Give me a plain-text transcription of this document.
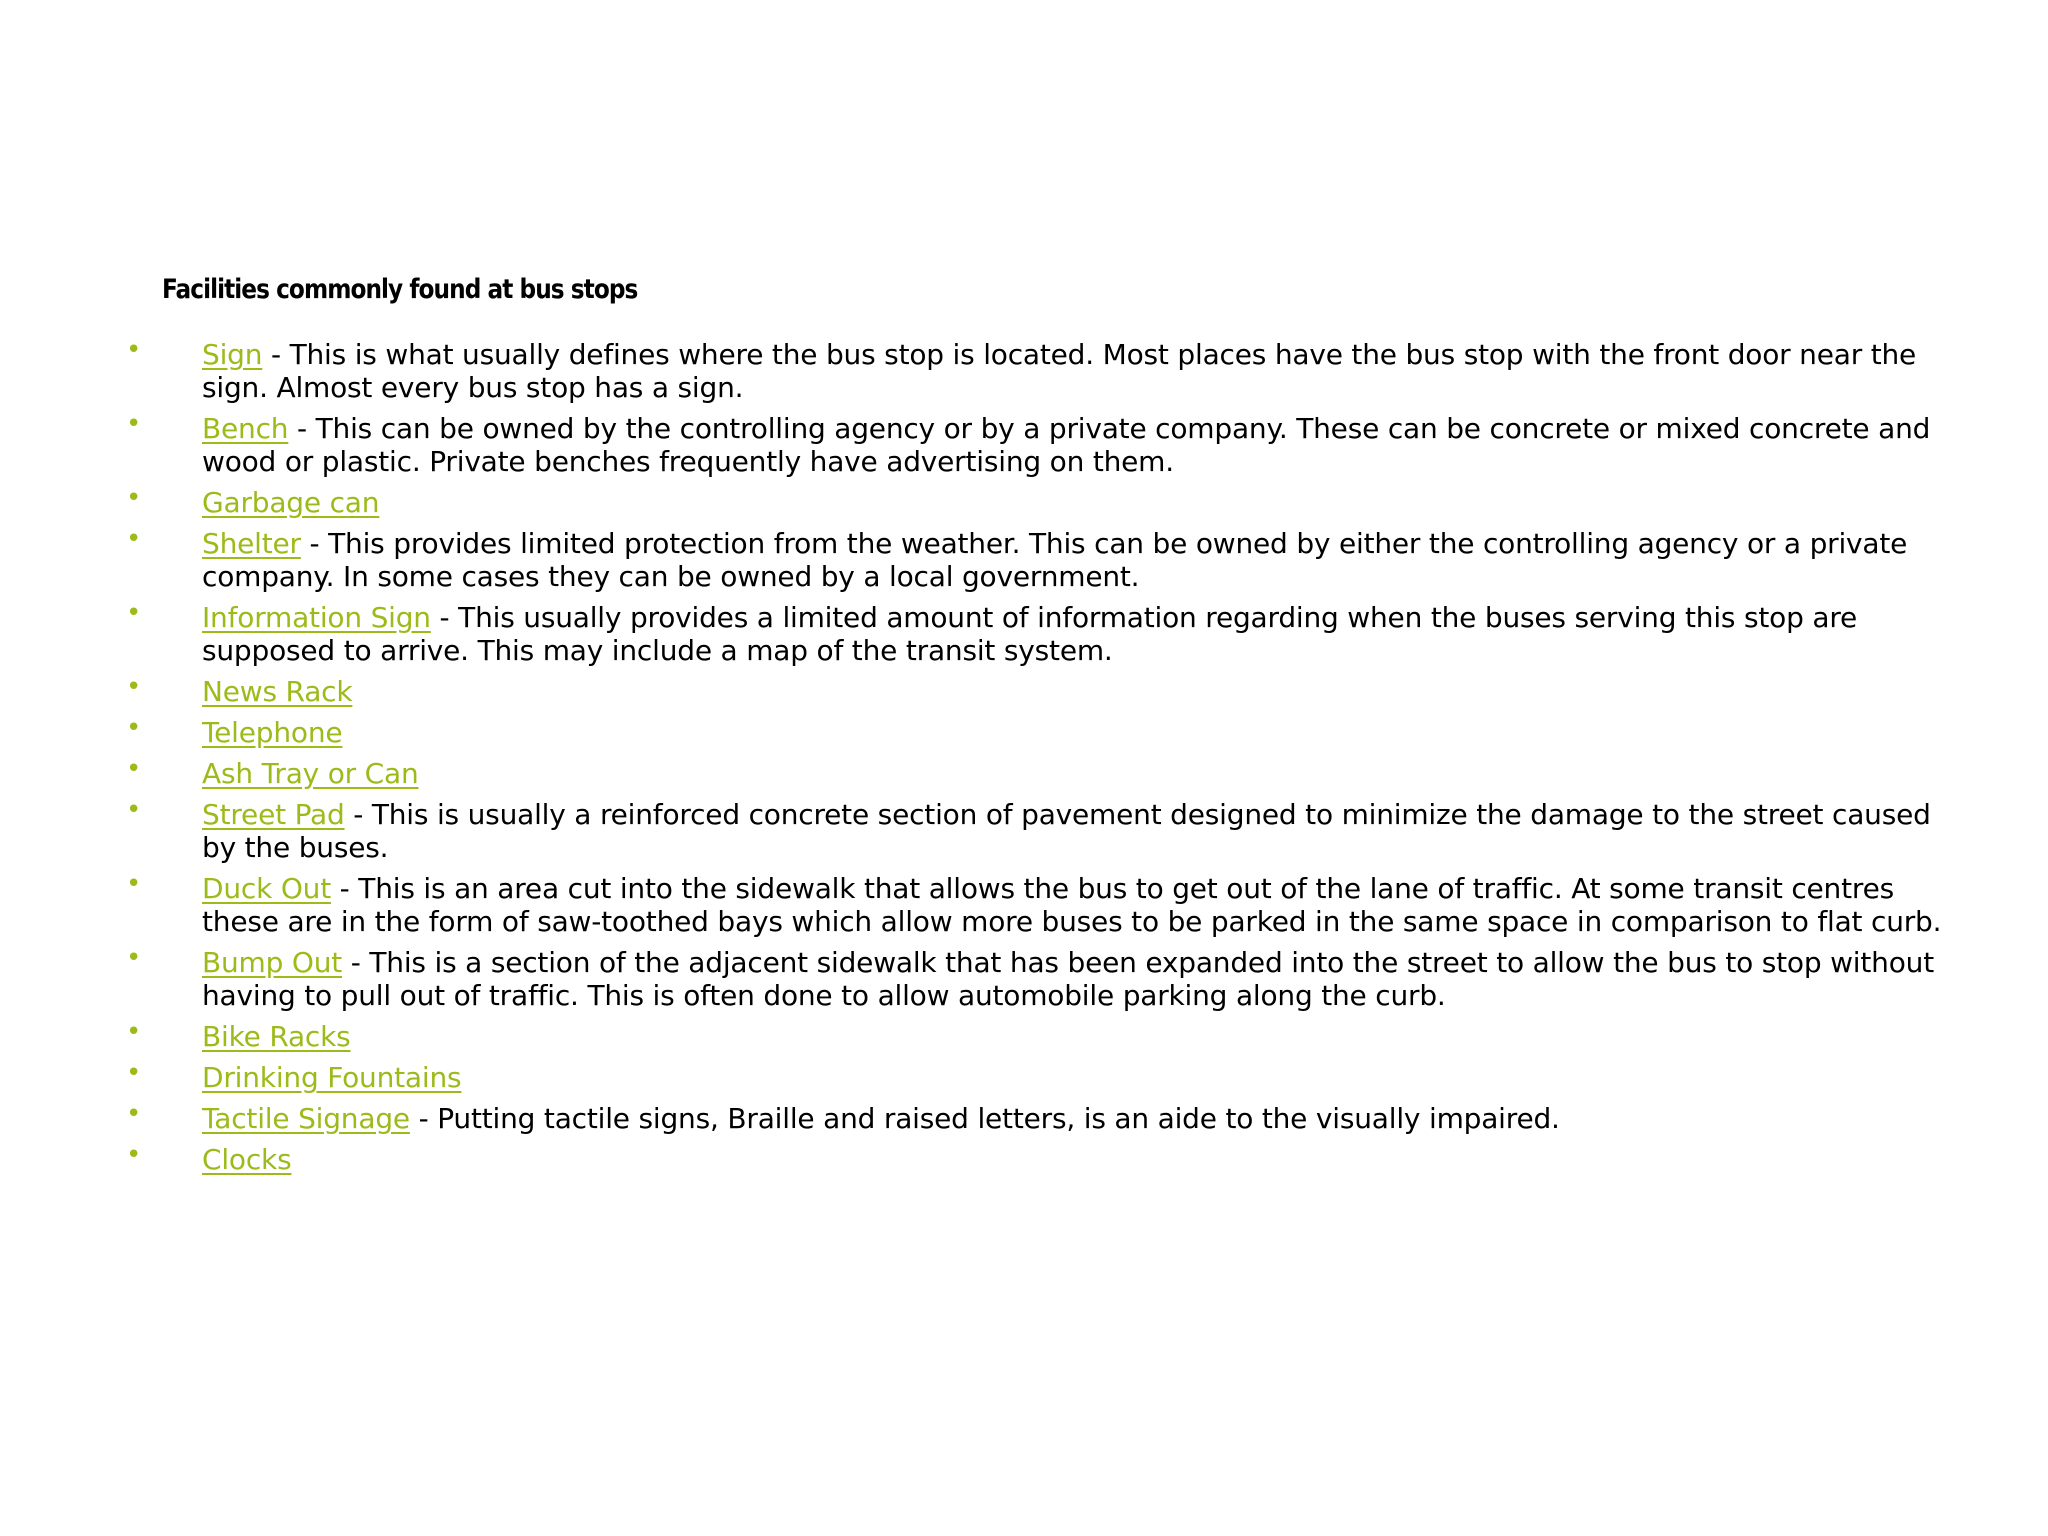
Facilities commonly found at bus stops
• Sign - This is what usually defines where the bus stop is located. Most places have the bus stop with the front door near the sign. Almost every bus stop has a sign.
• Bench - This can be owned by the controlling agency or by a private company. These can be concrete or mixed concrete and wood or plastic. Private benches frequently have advertising on them.
• Garbage can
• Shelter - This provides limited protection from the weather. This can be owned by either the controlling agency or a private company. In some cases they can be owned by a local government.
• Information Sign - This usually provides a limited amount of information regarding when the buses serving this stop are supposed to arrive. This may include a map of the transit system.
• News Rack
• Telephone
• Ash Tray or Can
• Street Pad - This is usually a reinforced concrete section of pavement designed to minimize the damage to the street caused by the buses.
• Duck Out - This is an area cut into the sidewalk that allows the bus to get out of the lane of traffic. At some transit centres these are in the form of saw-toothed bays which allow more buses to be parked in the same space in comparison to flat curb.
• Bump Out - This is a section of the adjacent sidewalk that has been expanded into the street to allow the bus to stop without having to pull out of traffic. This is often done to allow automobile parking along the curb.
• Bike Racks
• Drinking Fountains
• Tactile Signage - Putting tactile signs, Braille and raised letters, is an aide to the visually impaired.
• Clocks
